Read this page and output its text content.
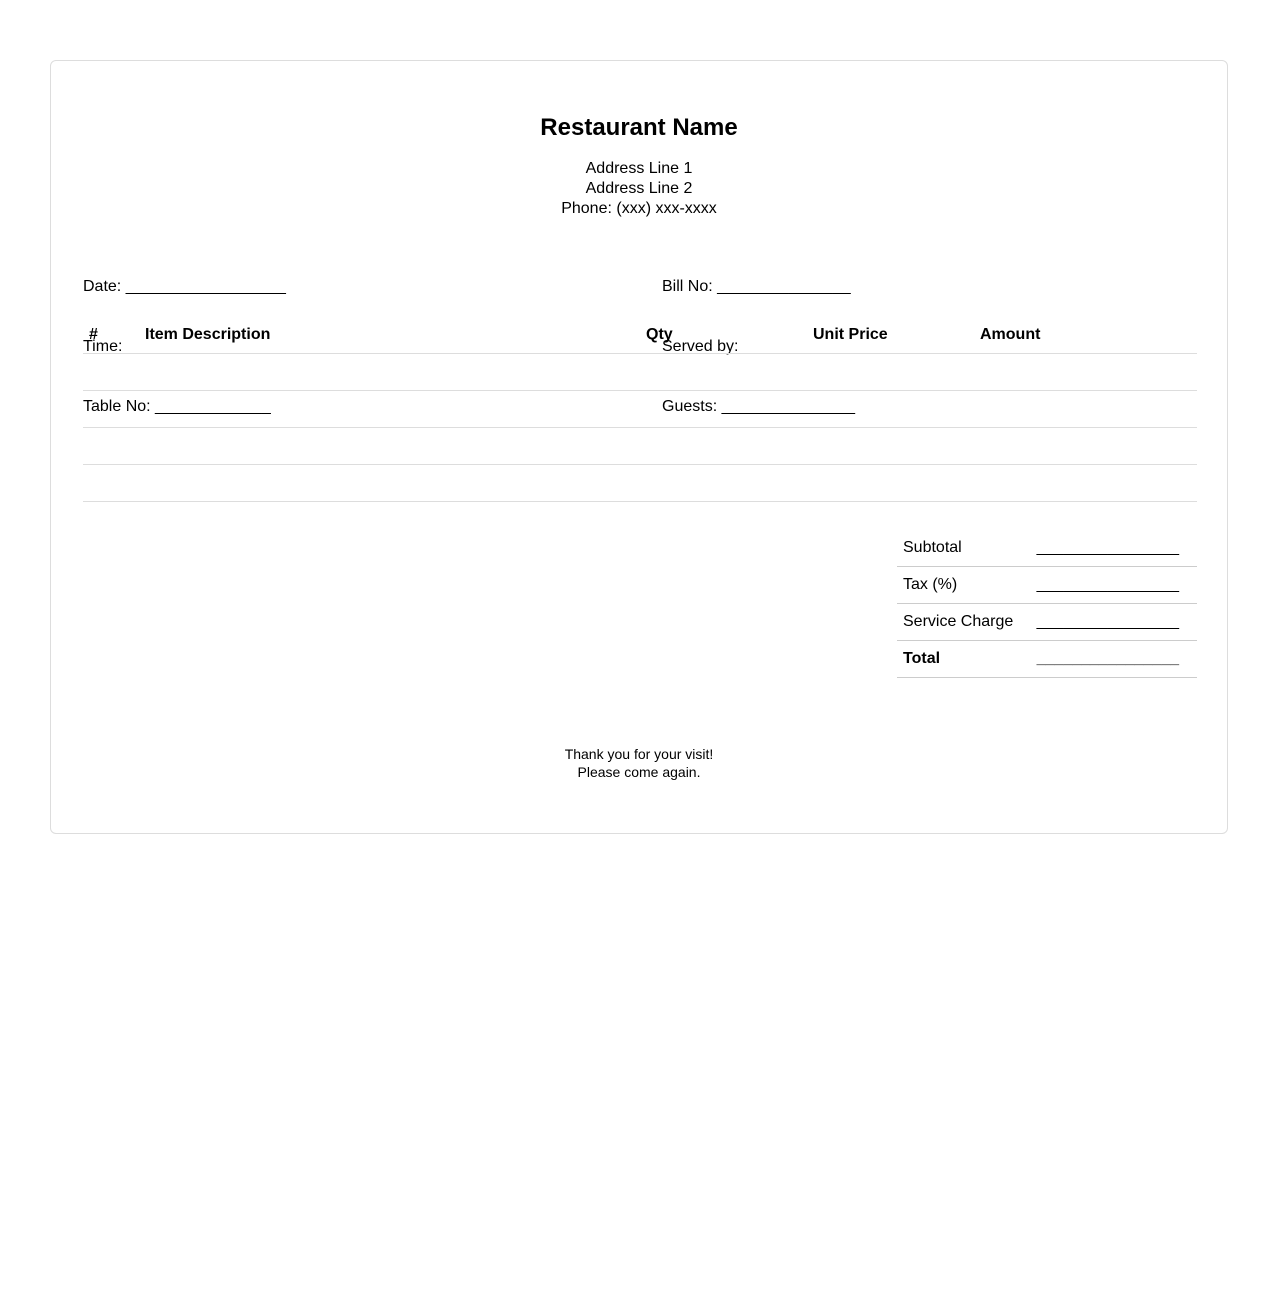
Restaurant Name
Address Line 1
Address Line 2
Phone: (xxx) xxx-xxxx

Date: __________________

Time: __________________

Table No: _____________

Bill No: _______________

Served by: _____________

Guests: _______________

#	Item Description	Qty	Unit Price	Amount

Subtotal	________________
Tax (%)	________________
Service Charge	________________
Total	________________
Thank you for your visit!
Please come again.
